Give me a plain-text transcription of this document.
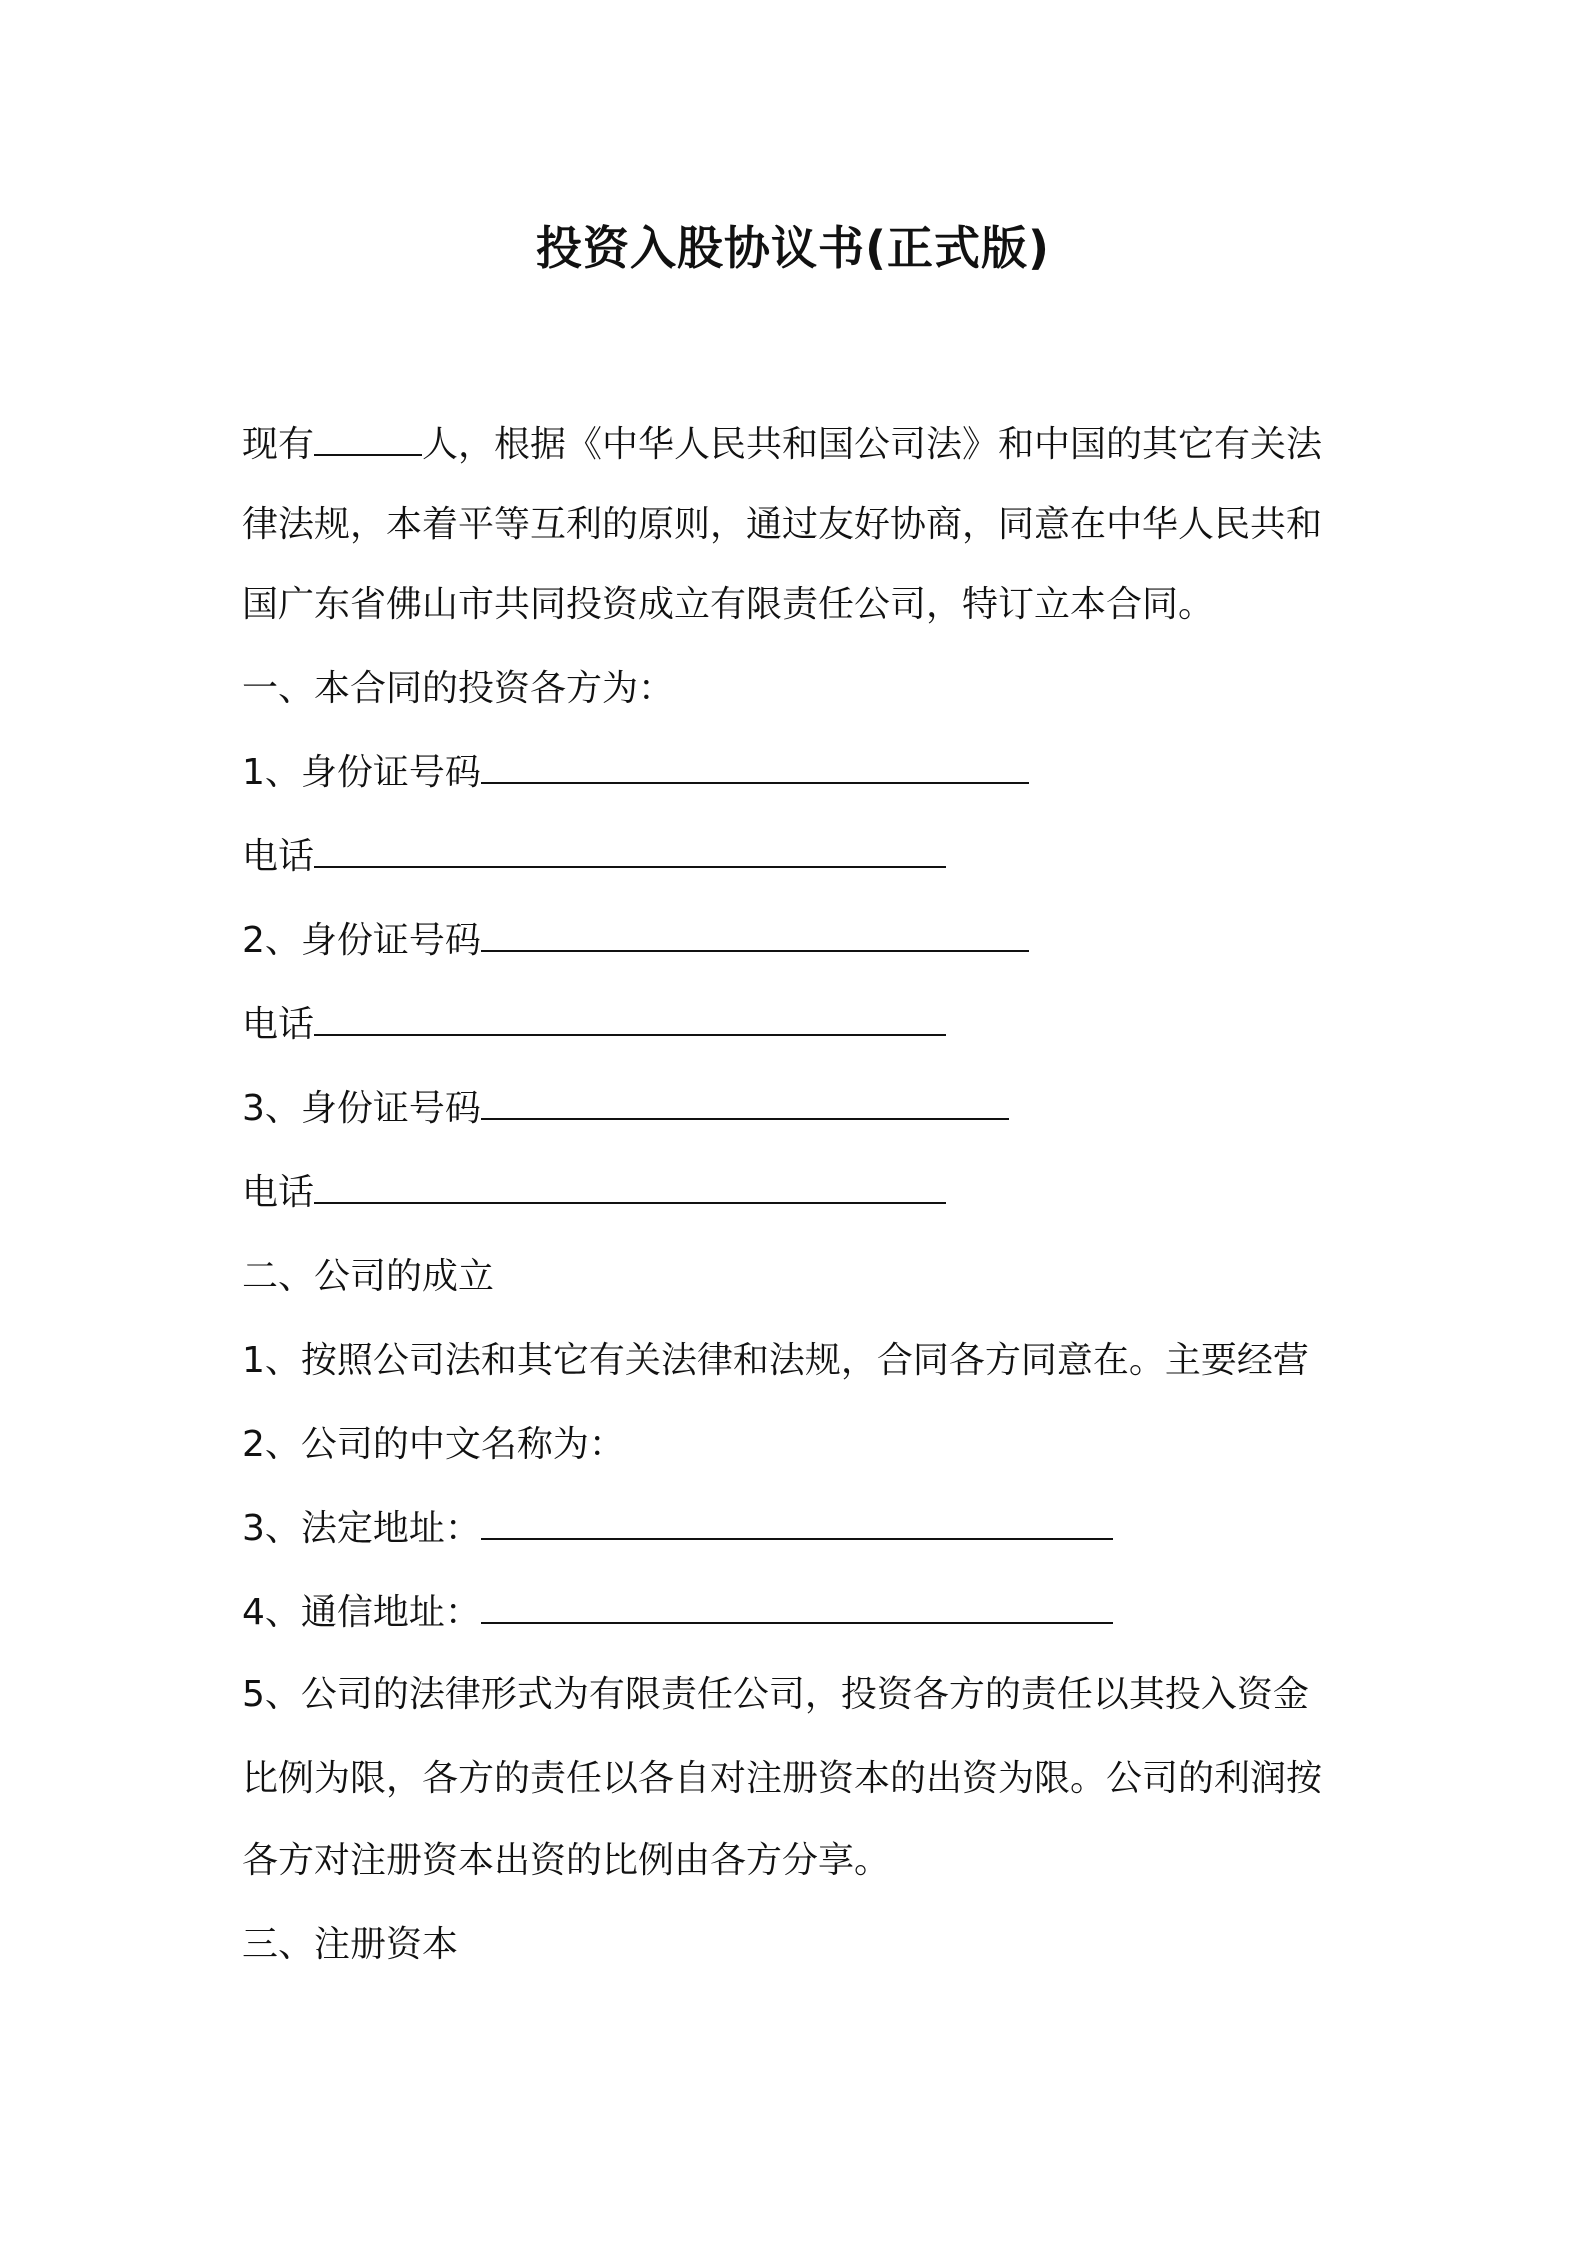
投资入股协议书(正式版)
现有	人，根据《中华人民共和国公司法》和中国的其它有关法
律法规，本着平等互利的原则，通过友好协商，同意在中华人民共和
国广东省佛山市共同投资成立有限责任公司，特订立本合同。
一、本合同的投资各方为：
1、身份证号码
电话
2、身份证号码
电话
3、身份证号码
电话
二、公司的成立
1、按照公司法和其它有关法律和法规，合同各方同意在。主要经营
2、公司的中文名称为：
3、法定地址：
4、通信地址：
5、公司的法律形式为有限责任公司，投资各方的责任以其投入资金
比例为限，各方的责任以各自对注册资本的出资为限。公司的利润按
各方对注册资本出资的比例由各方分享。
三、注册资本
